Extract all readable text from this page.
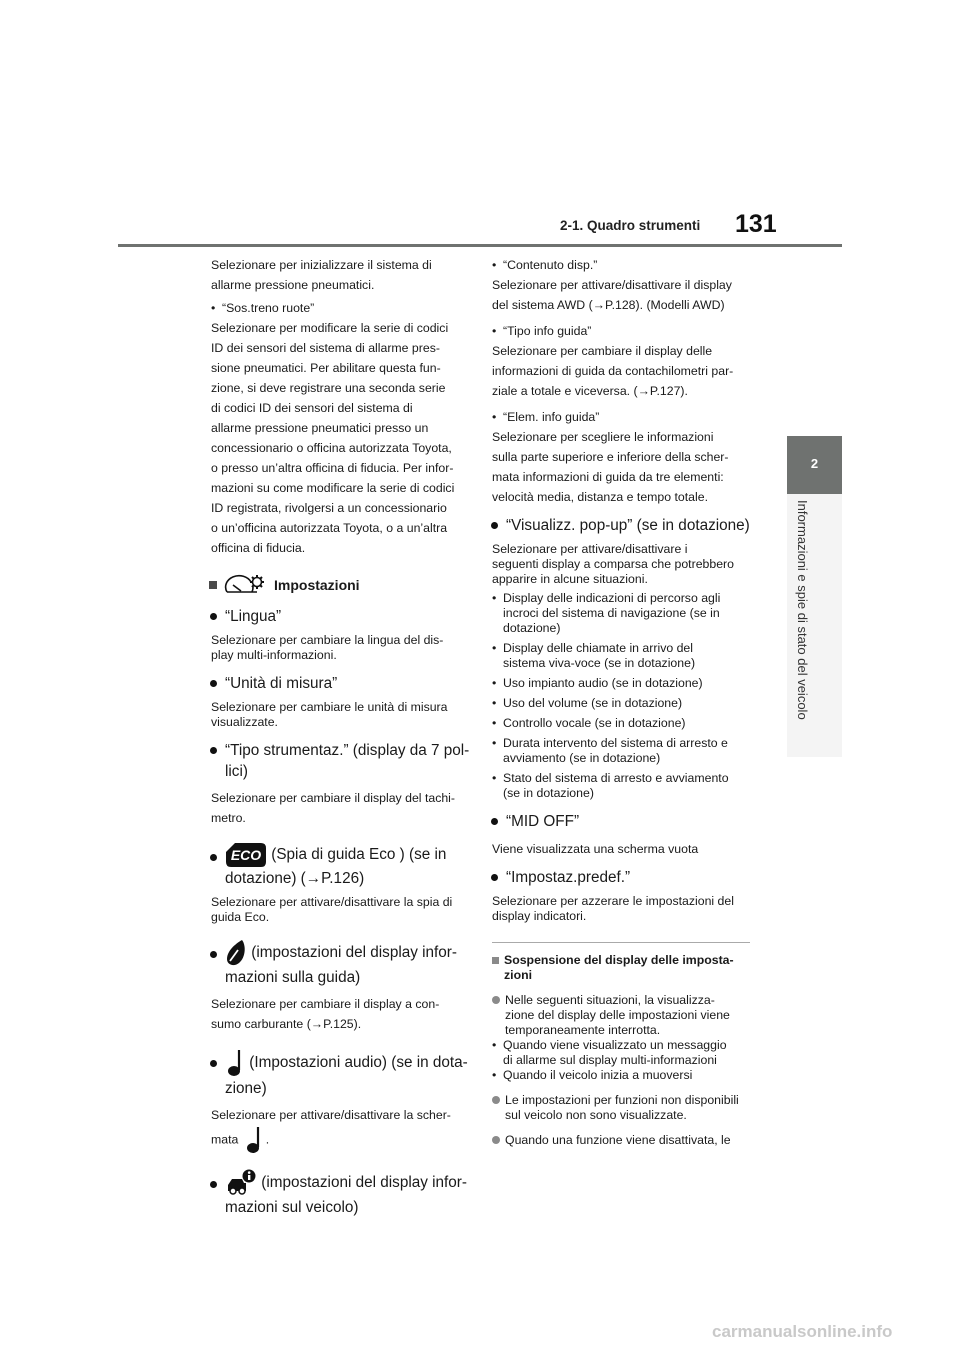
2-1. Quadro strumenti 131
2
Informazioni e spie di stato del veicolo

Selezionare per inizializzare il sistema di
allarme pressione pneumatici.

• “Sos.treno ruote”

Selezionare per modificare la serie di codici
ID dei sensori del sistema di allarme pres-
sione pneumatici. Per abilitare questa fun-
zione, si deve registrare una seconda serie
di codici ID dei sensori del sistema di
allarme pressione pneumatici presso un
concessionario o officina autorizzata Toyota,
o presso un’altra officina di fiducia. Per infor-
mazioni su come modificare la serie di codici
ID registrata, rivolgersi a un concessionario
o un’officina autorizzata Toyota, o a un’altra
officina di fiducia.

Impostazioni
“Lingua”

Selezionare per cambiare la lingua del dis-
play multi-informazioni.

“Unità di misura”

Selezionare per cambiare le unità di misura
visualizzate.

“Tipo strumentaz.” (display da 7 pol-
lici)

Selezionare per cambiare il display del tachi-
metro.

ECO (Spia di guida Eco ) (se in
dotazione) (→P.126)

Selezionare per attivare/disattivare la spia di
guida Eco.

(impostazioni del display infor-
mazioni sulla guida)

Selezionare per cambiare il display a con-
sumo carburante (→P.125).

(Impostazioni audio) (se in dota-
zione)

Selezionare per attivare/disattivare la scher-
mata .

(impostazioni del display infor-
mazioni sul veicolo)

• “Contenuto disp.”

Selezionare per attivare/disattivare il display
del sistema AWD (→P.128). (Modelli AWD)

• “Tipo info guida”

Selezionare per cambiare il display delle
informazioni di guida da contachilometri par-
ziale a totale e viceversa. (→P.127).

• “Elem. info guida”

Selezionare per scegliere le informazioni
sulla parte superiore e inferiore della scher-
mata informazioni di guida da tre elementi:
velocità media, distanza e tempo totale.

“Visualizz. pop-up” (se in dotazione)

Selezionare per attivare/disattivare i
seguenti display a comparsa che potrebbero
apparire in alcune situazioni.

• Display delle indicazioni di percorso agli
incroci del sistema di navigazione (se in
dotazione)

• Display delle chiamate in arrivo del
sistema viva-voce (se in dotazione)

• Uso impianto audio (se in dotazione)

• Uso del volume (se in dotazione)

• Controllo vocale (se in dotazione)

• Durata intervento del sistema di arresto e
avviamento (se in dotazione)

• Stato del sistema di arresto e avviamento
(se in dotazione)

“MID OFF”

Viene visualizzata una scherma vuota

“Impostaz.predef.”

Selezionare per azzerare le impostazioni del
display indicatori.

Sospensione del display delle imposta-
zioni
Nelle seguenti situazioni, la visualizza-
zione del display delle impostazioni viene
temporaneamente interrotta.

• Quando viene visualizzato un messaggio
di allarme sul display multi-informazioni

• Quando il veicolo inizia a muoversi

Le impostazioni per funzioni non disponibili
sul veicolo non sono visualizzate.
Quando una funzione viene disattivata, le
carmanualsonline.info
